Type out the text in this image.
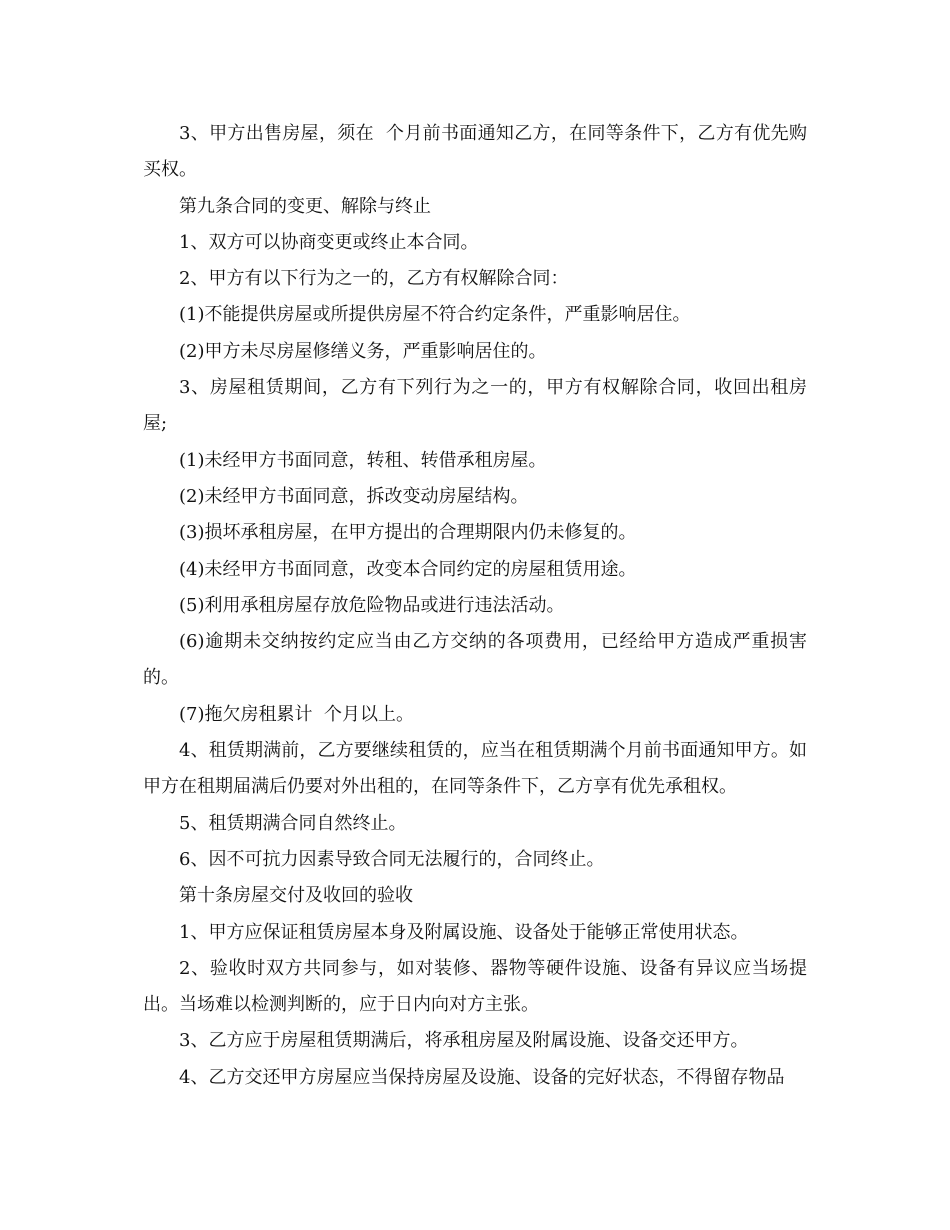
3、甲方出售房屋，须在  个月前书面通知乙方，在同等条件下，乙方有优先购买权。

第九条合同的变更、解除与终止

1、双方可以协商变更或终止本合同。

2、甲方有以下行为之一的，乙方有权解除合同：

(1)不能提供房屋或所提供房屋不符合约定条件，严重影响居住。

(2)甲方未尽房屋修缮义务，严重影响居住的。

3、房屋租赁期间，乙方有下列行为之一的，甲方有权解除合同，收回出租房屋;

(1)未经甲方书面同意，转租、转借承租房屋。

(2)未经甲方书面同意，拆改变动房屋结构。

(3)损坏承租房屋，在甲方提出的合理期限内仍未修复的。

(4)未经甲方书面同意，改变本合同约定的房屋租赁用途。

(5)利用承租房屋存放危险物品或进行违法活动。

(6)逾期未交纳按约定应当由乙方交纳的各项费用，已经给甲方造成严重损害的。

(7)拖欠房租累计  个月以上。

4、租赁期满前，乙方要继续租赁的，应当在租赁期满个月前书面通知甲方。如甲方在租期届满后仍要对外出租的，在同等条件下，乙方享有优先承租权。

5、租赁期满合同自然终止。

6、因不可抗力因素导致合同无法履行的，合同终止。

第十条房屋交付及收回的验收

1、甲方应保证租赁房屋本身及附属设施、设备处于能够正常使用状态。

2、验收时双方共同参与，如对装修、器物等硬件设施、设备有异议应当场提出。当场难以检测判断的，应于日内向对方主张。

3、乙方应于房屋租赁期满后，将承租房屋及附属设施、设备交还甲方。

4、乙方交还甲方房屋应当保持房屋及设施、设备的完好状态，不得留存物品
